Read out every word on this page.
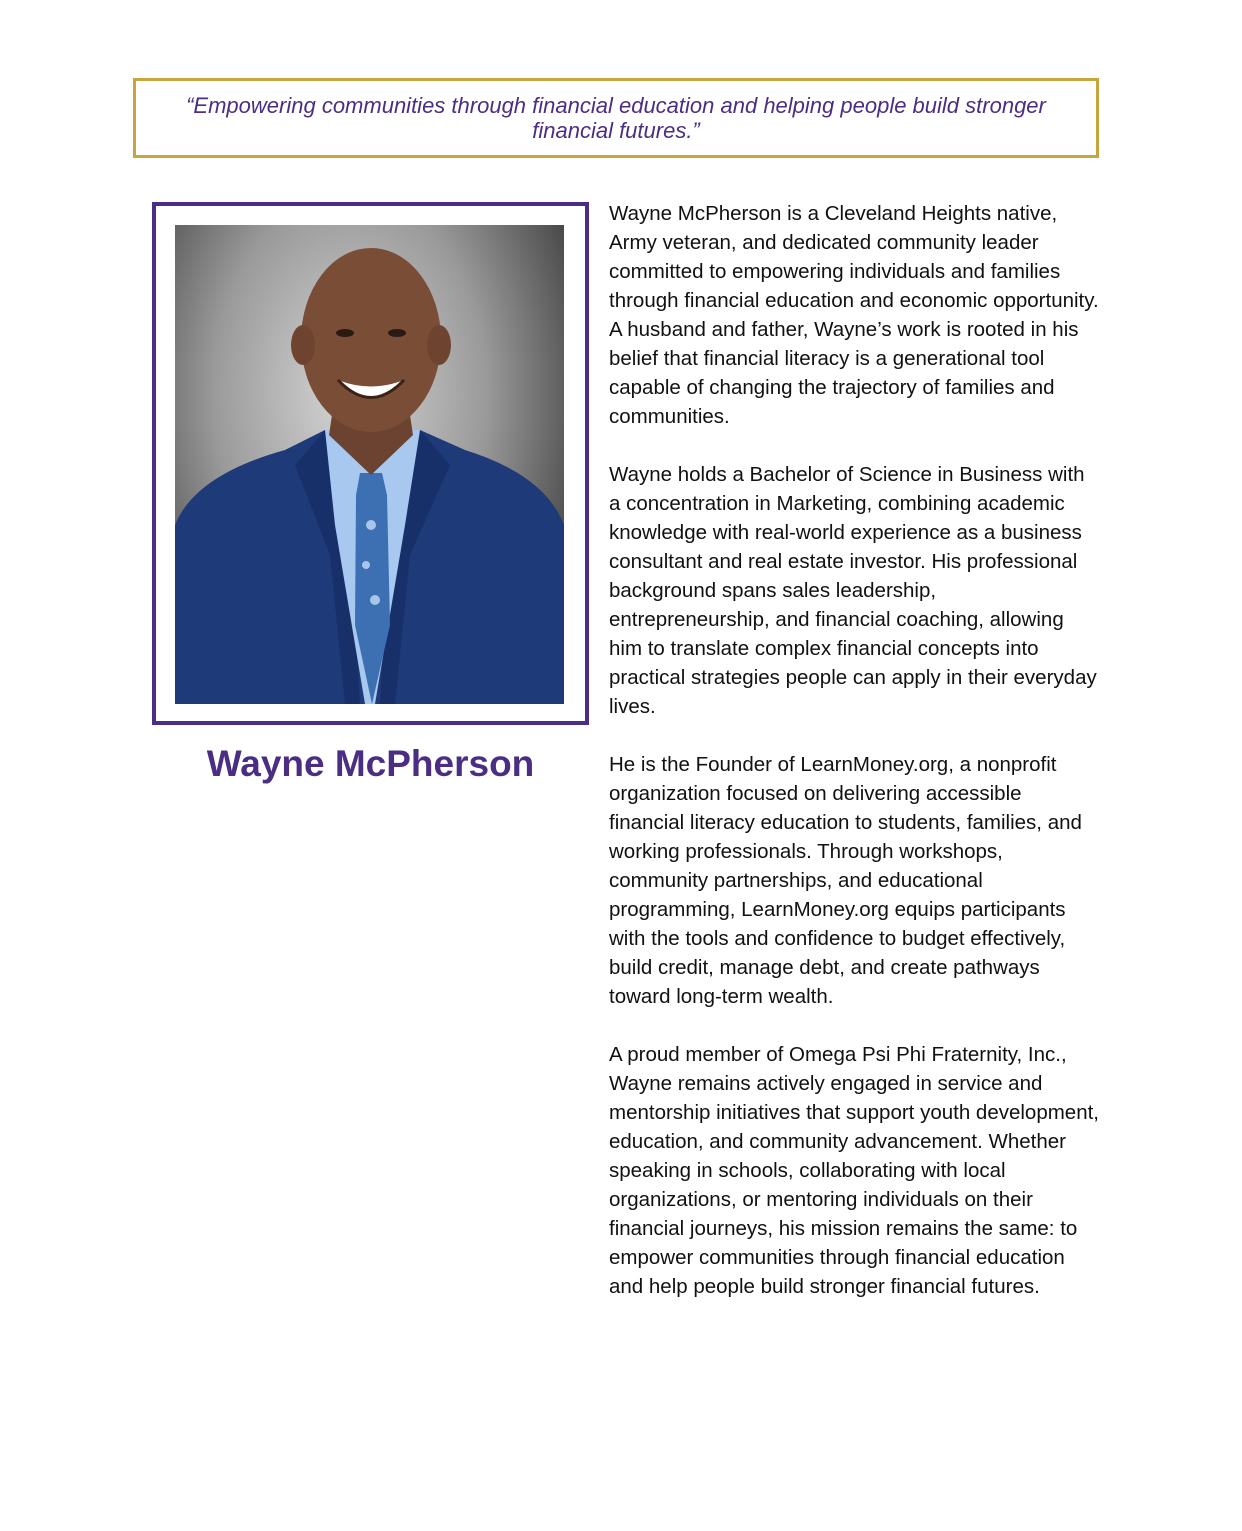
“Empowering communities through financial education and helping people build stronger financial futures.”
Wayne McPherson

Wayne McPherson is a Cleveland Heights native, Army veteran, and dedicated community leader committed to empowering individuals and families through financial education and economic opportunity. A husband and father, Wayne’s work is rooted in his belief that financial literacy is a generational tool capable of changing the trajectory of families and communities.

Wayne holds a Bachelor of Science in Business with a concentration in Marketing, combining academic knowledge with real-world experience as a business consultant and real estate investor. His professional background spans sales leadership, entrepreneurship, and financial coaching, allowing him to translate complex financial concepts into practical strategies people can apply in their everyday lives.

He is the Founder of LearnMoney.org, a nonprofit organization focused on delivering accessible financial literacy education to students, families, and working professionals. Through workshops, community partnerships, and educational programming, LearnMoney.org equips participants with the tools and confidence to budget effectively, build credit, manage debt, and create pathways toward long-term wealth.

A proud member of Omega Psi Phi Fraternity, Inc., Wayne remains actively engaged in service and mentorship initiatives that support youth development, education, and community advancement. Whether speaking in schools, collaborating with local organizations, or mentoring individuals on their financial journeys, his mission remains the same: to empower communities through financial education and help people build stronger financial futures.
